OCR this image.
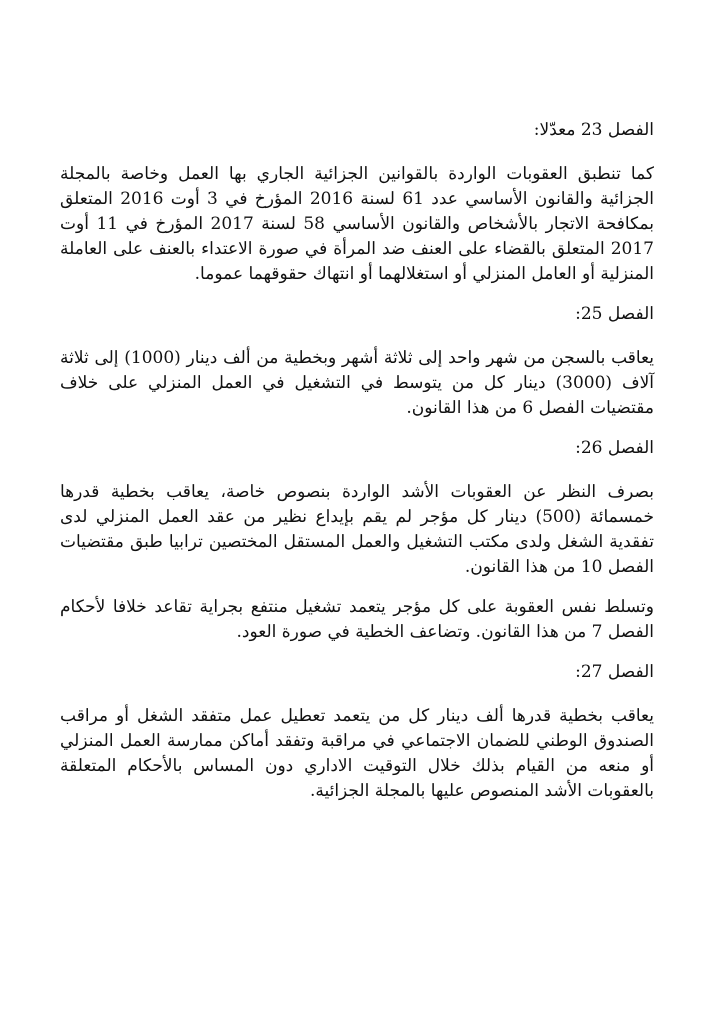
الفصل 23 معدّلا:

كما تنطبق العقوبات الواردة بالقوانين الجزائية الجاري بها العمل وخاصة بالمجلة الجزائية والقانون الأساسي عدد 61 لسنة 2016 المؤرخ في 3 أوت 2016 المتعلق بمكافحة الاتجار بالأشخاص والقانون الأساسي 58 لسنة 2017 المؤرخ في 11 أوت 2017 المتعلق بالقضاء على العنف ضد المرأة في صورة الاعتداء بالعنف على العاملة المنزلية أو العامل المنزلي أو استغلالهما أو انتهاك حقوقهما عموما.

الفصل 25:

يعاقب بالسجن من شهر واحد إلى ثلاثة أشهر وبخطية من ألف دينار (1000) إلى ثلاثة آلاف (3000) دينار كل من يتوسط في التشغيل في العمل المنزلي على خلاف مقتضيات الفصل 6 من هذا القانون.

الفصل 26:

بصرف النظر عن العقوبات الأشد الواردة بنصوص خاصة، يعاقب بخطية قدرها خمسمائة (500) دينار كل مؤجر لم يقم بإيداع نظير من عقد العمل المنزلي لدى تفقدية الشغل ولدى مكتب التشغيل والعمل المستقل المختصين ترابيا طبق مقتضيات الفصل 10 من هذا القانون.

وتسلط نفس العقوبة على كل مؤجر يتعمد تشغيل منتفع بجراية تقاعد خلافا لأحكام الفصل 7 من هذا القانون. وتضاعف الخطية في صورة العود.

الفصل 27:

يعاقب بخطية قدرها ألف دينار كل من يتعمد تعطيل عمل متفقد الشغل أو مراقب الصندوق الوطني للضمان الاجتماعي في مراقبة وتفقد أماكن ممارسة العمل المنزلي أو منعه من القيام بذلك خلال التوقيت الاداري دون المساس بالأحكام المتعلقة بالعقوبات الأشد المنصوص عليها بالمجلة الجزائية.
